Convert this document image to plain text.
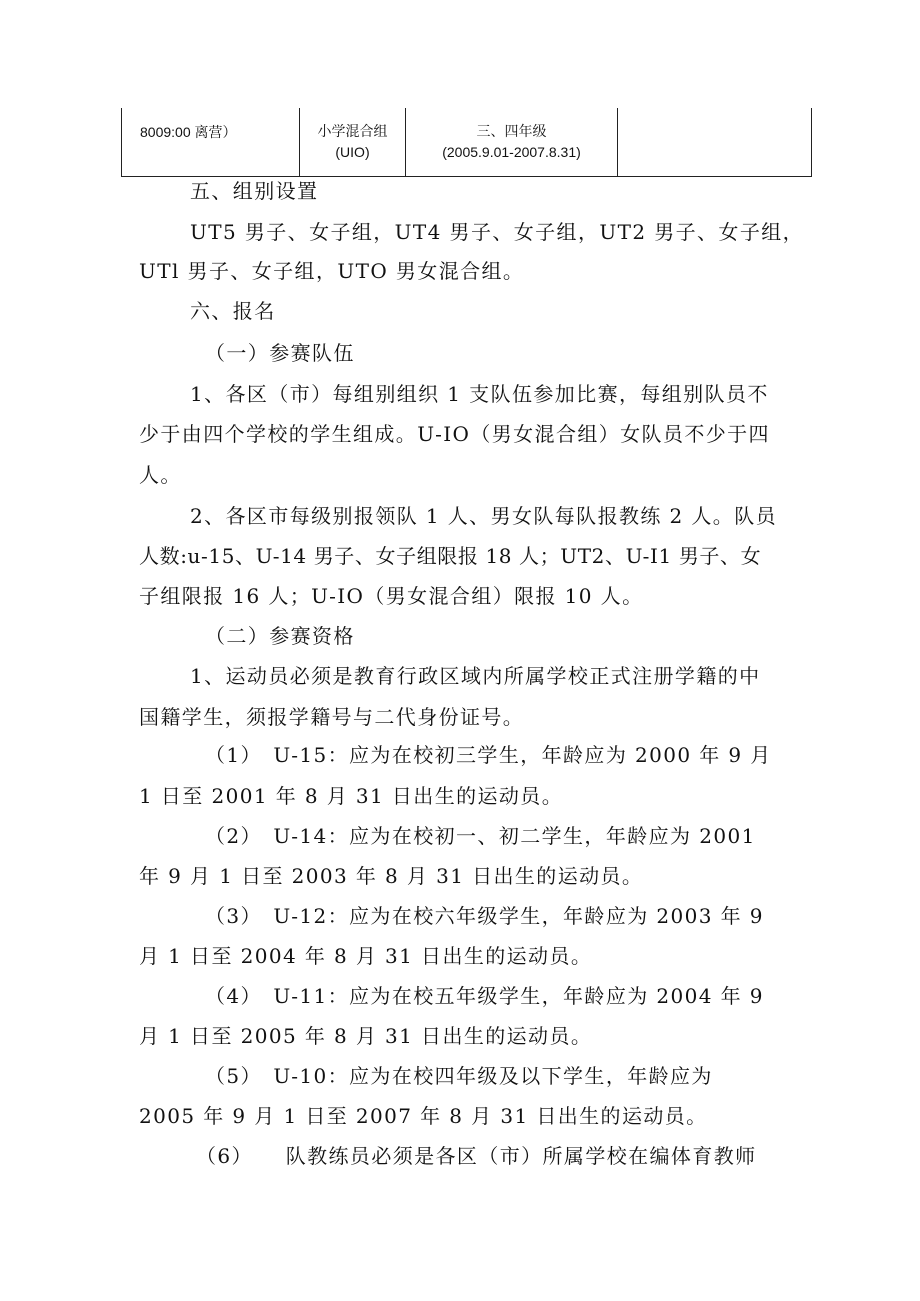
8009:00 离营）	小学混合组
(UIO)
三、四年级
(2005.9.01-2007.8.31)
五、组别设置
UT5 男子、女子组，UT4 男子、女子组，UT2 男子、女子组，
UTl 男子、女子组，UTO 男女混合组。
六、报名
（一）参赛队伍
1、各区（市）每组别组织 1 支队伍参加比赛，每组别队员不
少于由四个学校的学生组成。U-IO（男女混合组）女队员不少于四
人。
2、各区市每级别报领队 1 人、男女队每队报教练 2 人。队员
人数:u-15、U-14 男子、女子组限报 18 人；UT2、U-I1 男子、女
子组限报 16 人；U-IO（男女混合组）限报 10 人。
（二）参赛资格
1、运动员必须是教育行政区域内所属学校正式注册学籍的中
国籍学生，须报学籍号与二代身份证号。
（1）　U-15：应为在校初三学生，年龄应为 2000 年 9 月
1 日至 2001 年 8 月 31 日出生的运动员。
（2）　U-14：应为在校初一、初二学生，年龄应为 2001
年 9 月 1 日至 2003 年 8 月 31 日出生的运动员。
（3）　U-12：应为在校六年级学生，年龄应为 2003 年 9
月 1 日至 2004 年 8 月 31 日出生的运动员。
（4）　U-11：应为在校五年级学生，年龄应为 2004 年 9
月 1 日至 2005 年 8 月 31 日出生的运动员。
（5）　U-10：应为在校四年级及以下学生，年龄应为
2005 年 9 月 1 日至 2007 年 8 月 31 日出生的运动员。
（6）　　队教练员必须是各区（市）所属学校在编体育教师
